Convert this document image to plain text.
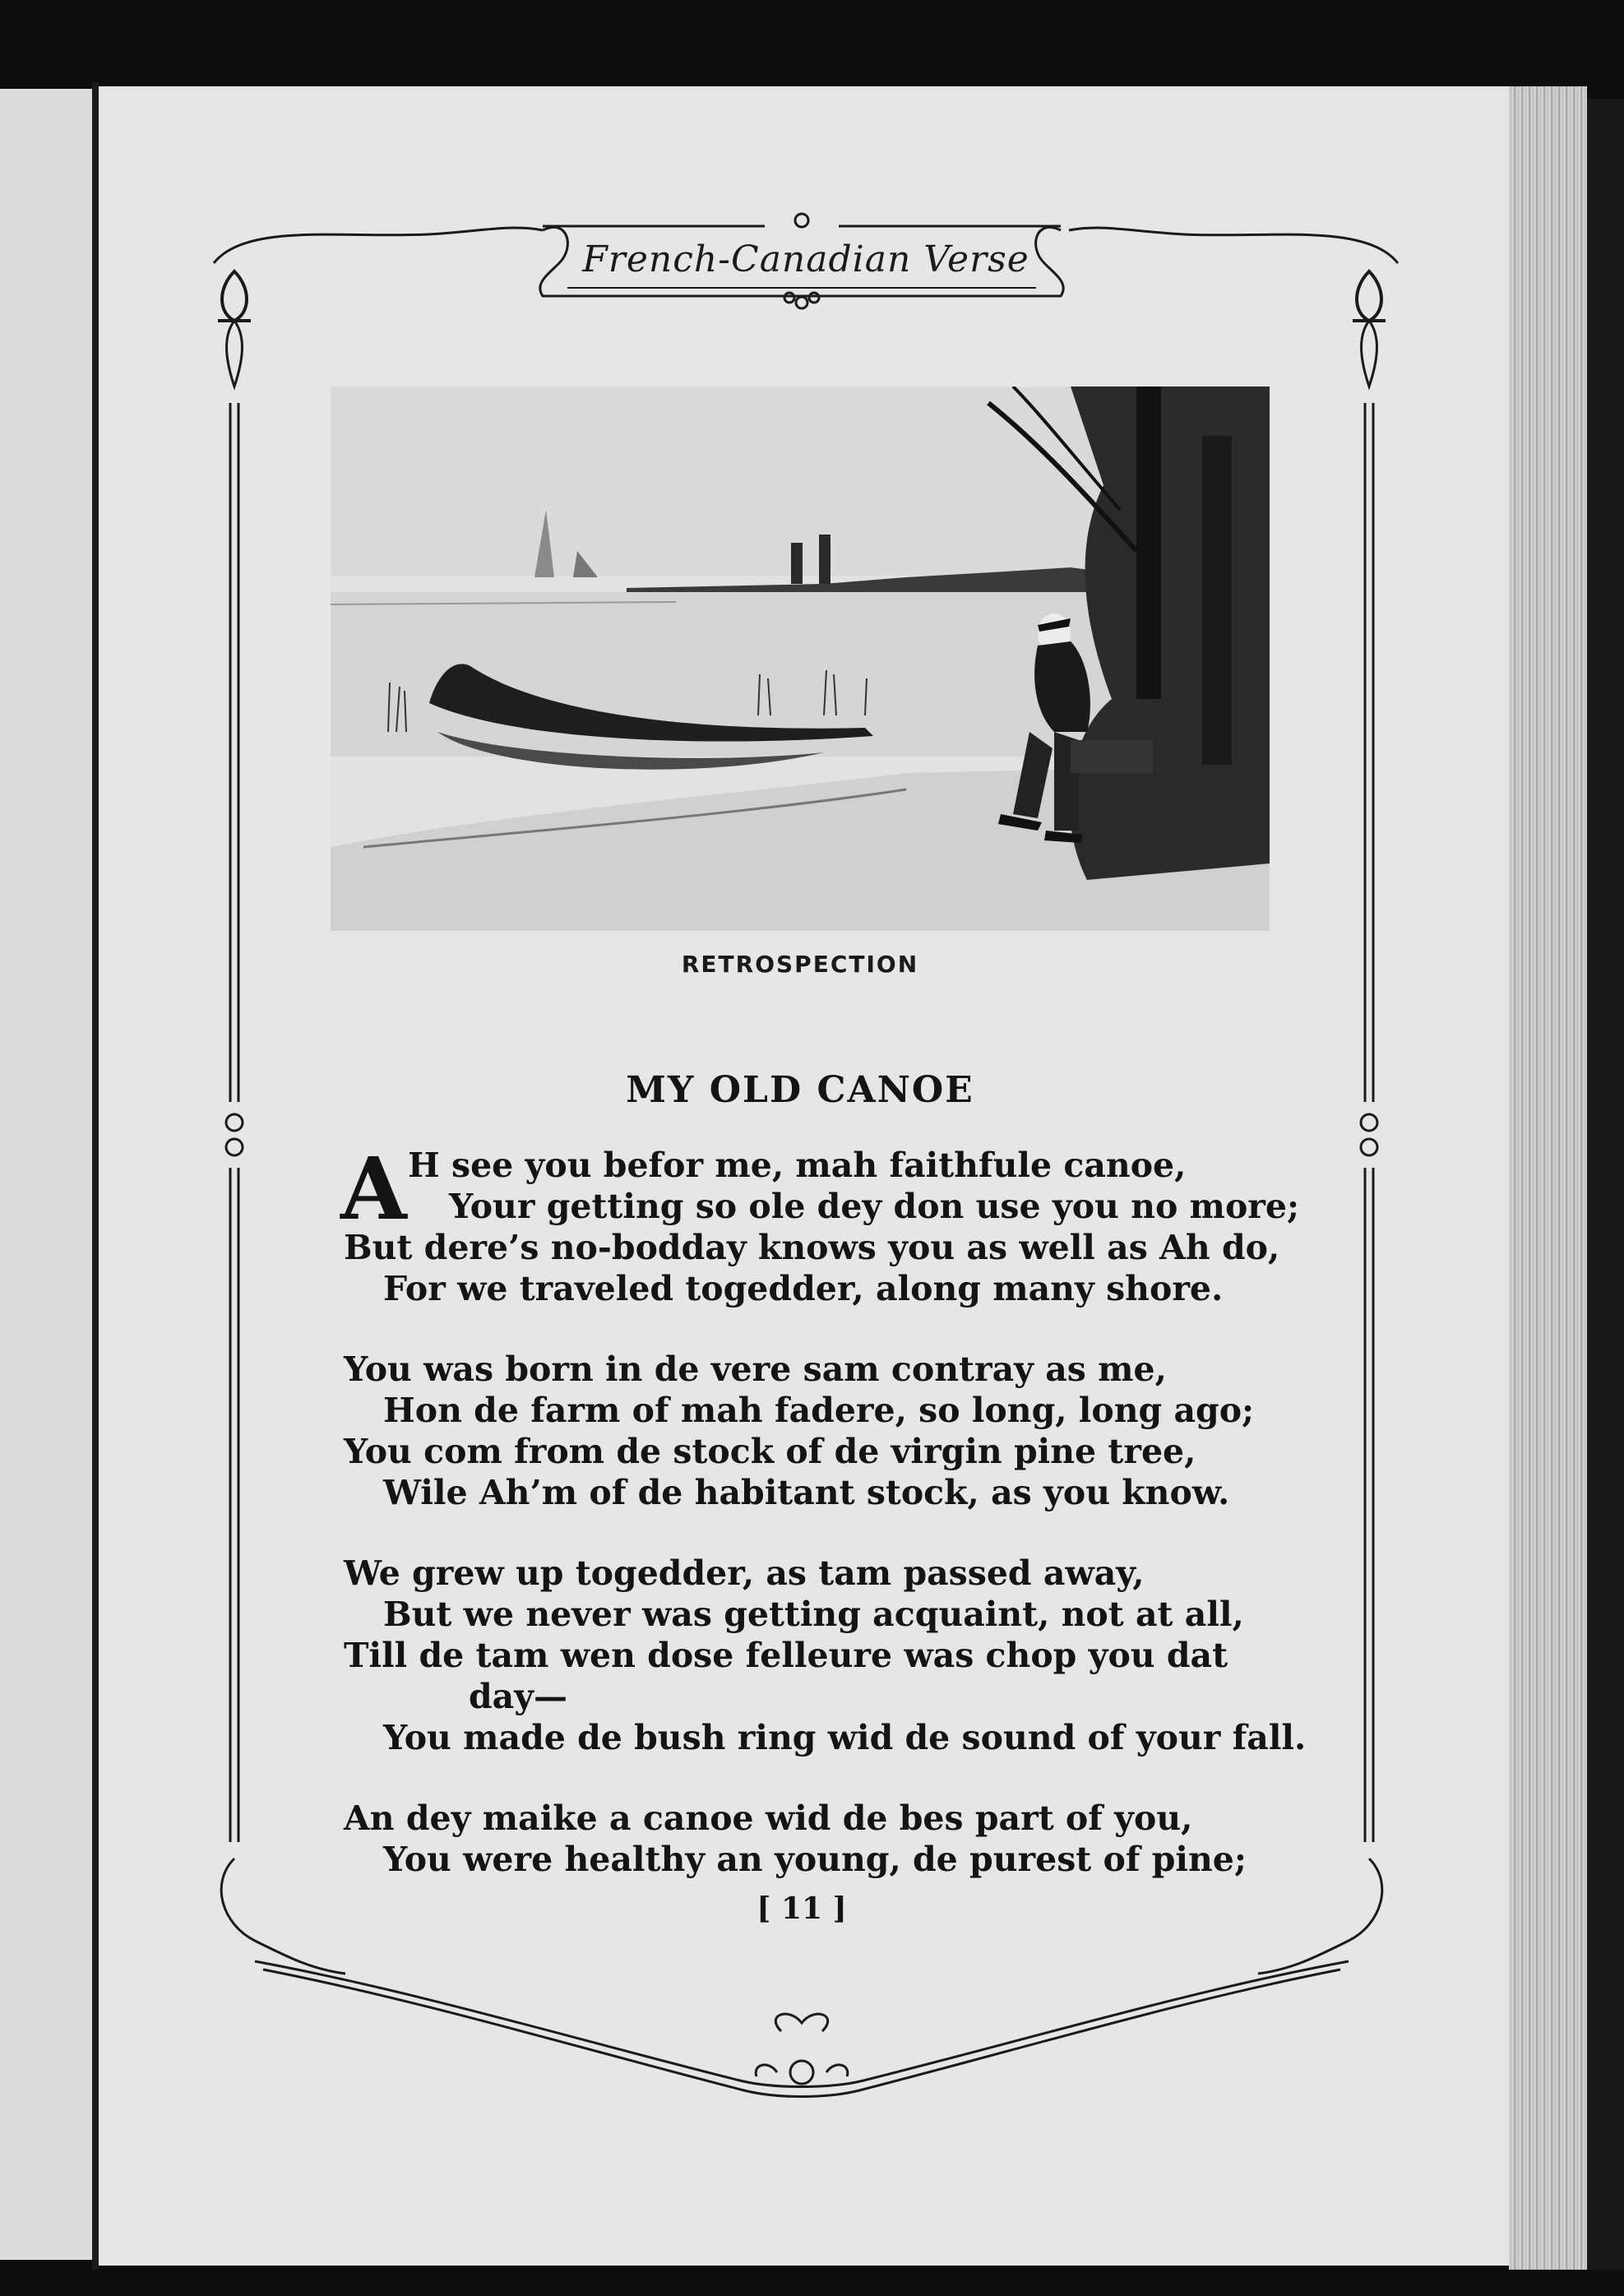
French-Canadian Verse
RETROSPECTION
MY OLD CANOE
A H see you befor me, mah faithfule canoe,
Your getting so ole dey don use you no more;
But dere’s no-bodday knows you as well as Ah do,
For we traveled togedder, along many shore.
You was born in de vere sam contray as me,
Hon de farm of mah fadere, so long, long ago;
You com from de stock of de virgin pine tree,
Wile Ah’m of de habitant stock, as you know.
We grew up togedder, as tam passed away,
But we never was getting acquaint, not at all,
Till de tam wen dose felleure was chop you dat
day—
You made de bush ring wid de sound of your fall.
An dey maike a canoe wid de bes part of you,
You were healthy an young, de purest of pine;
[ 11 ]
